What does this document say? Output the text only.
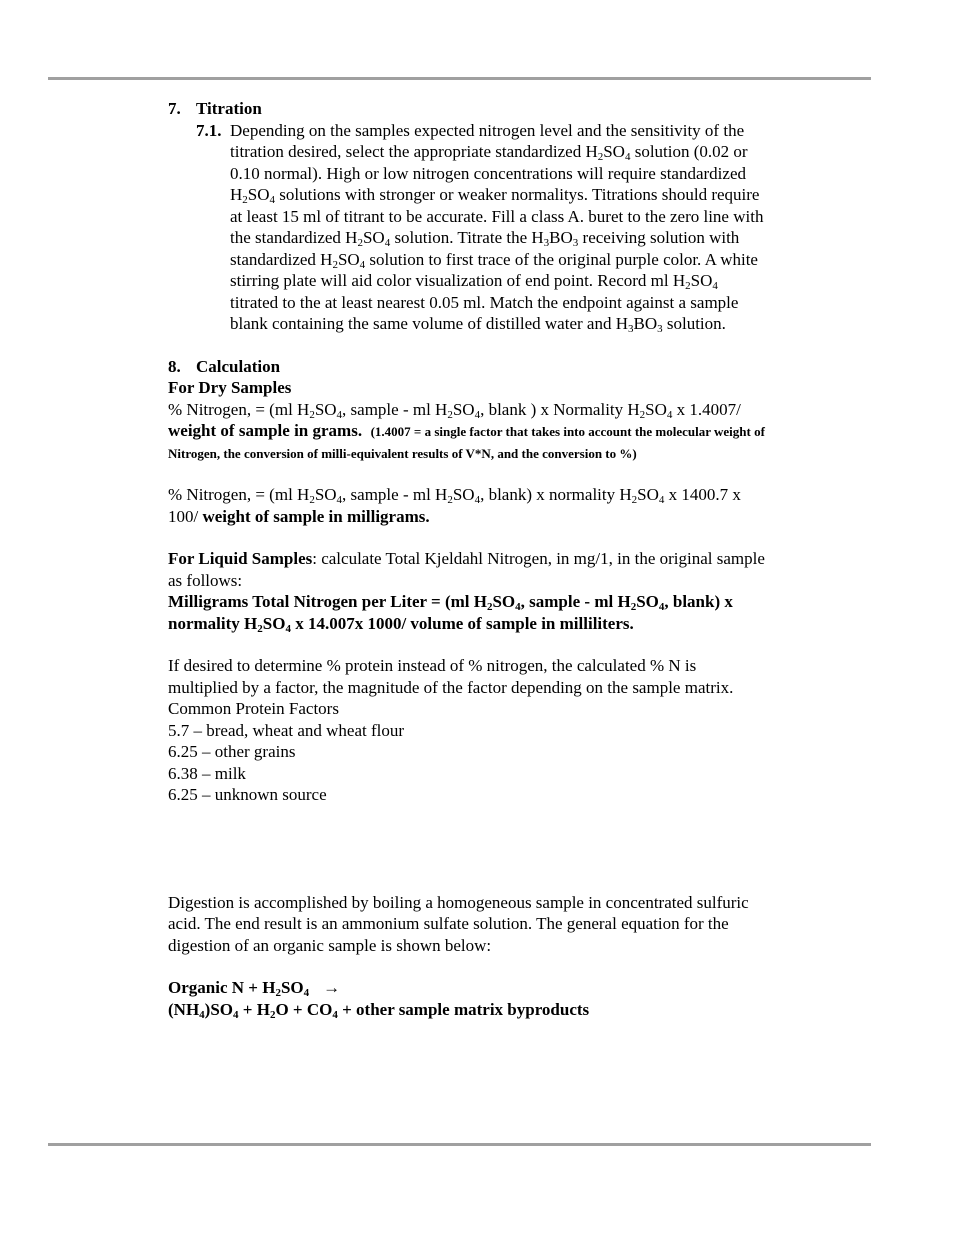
7. Titration

7.1. Depending on the samples expected nitrogen level and the sensitivity of the titration desired, select the appropriate standardized $H_2SO_4$ solution (0.02 or 0.10 normal). High or low nitrogen concentrations will require standardized $H_2SO_4$ solutions with stronger or weaker normalitys. Titrations should require at least 15 ml of titrant to be accurate. Fill a class A. buret to the zero line with the standardized $H_2SO_4$ solution. Titrate the $H_3BO_3$ receiving solution with standardized $H_2SO_4$ solution to first trace of the original purple color. A white stirring plate will aid color visualization of end point. Record ml $H_2SO_4$ titrated to the at least nearest 0.05 ml. Match the endpoint against a sample blank containing the same volume of distilled water and $H_3BO_3$ solution.

8. Calculation

For Dry Samples

% Nitrogen, = (ml $H_2SO_4$, sample - ml $H_2SO_4$, blank ) x Normality $H_2SO_4$ x 1.4007/ weight of sample in grams. (1.4007 = a single factor that takes into account the molecular weight of Nitrogen, the conversion of milli-equivalent results of V*N, and the conversion to %)

% Nitrogen, = (ml $H_2SO_4$, sample - ml $H_2SO_4$, blank) x normality $H_2SO_4$ x 1400.7 x 100/ weight of sample in milligrams.

For Liquid Samples: calculate Total Kjeldahl Nitrogen, in mg/1, in the original sample as follows:

Milligrams Total Nitrogen per Liter = (ml $H_2SO_4$, sample - ml $H_2SO_4$, blank) x normality $H_2SO_4$ x 14.007x 1000/ volume of sample in milliliters.

If desired to determine % protein instead of % nitrogen, the calculated % N is multiplied by a factor, the magnitude of the factor depending on the sample matrix.

Common Protein Factors

5.7 – bread, wheat and wheat flour

6.25 – other grains

6.38 – milk

6.25 – unknown source

Digestion is accomplished by boiling a homogeneous sample in concentrated sulfuric acid. The end result is an ammonium sulfate solution. The general equation for the digestion of an organic sample is shown below:

Organic $N + H_2SO_4$ →

$(NH_4)SO_4 + H_2O + CO_4$ + other sample matrix byproducts
